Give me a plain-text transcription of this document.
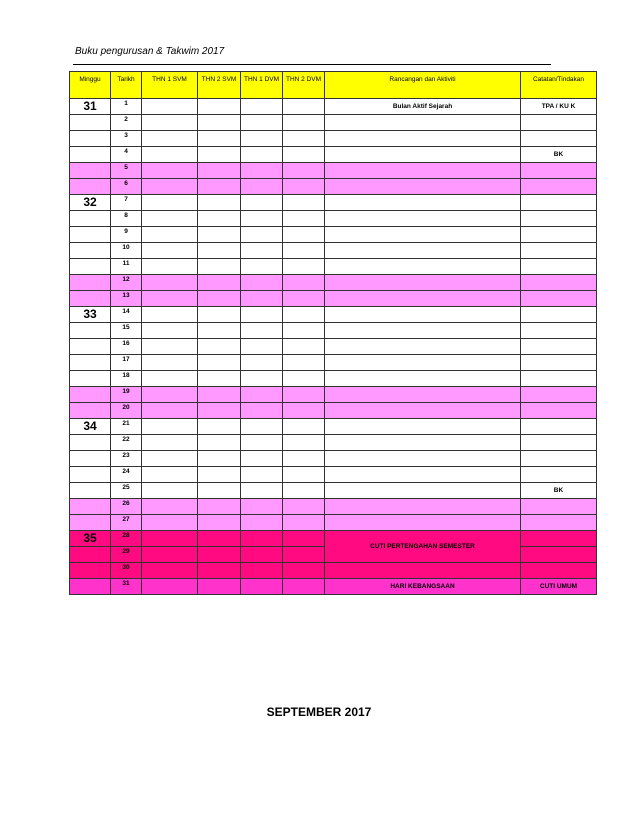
Buku pengurusan & Takwim 2017
Minggu	Tarikh	THN 1 SVM	THN 2 SVM	THN 1 DVM	THN 2 DVM	Rancangan dan Aktiviti	Catatan/Tindakan
31	1					Bulan Aktif Sejarah	TPA / KU K
	2						
	3						
	4						BK
	5						
	6						
32	7						
	8						
	9						
	10						
	11						
	12						
	13						
33	14						
	15						
	16						
	17						
	18						
	19						
	20						
34	21						
	22						
	23						
	24						
	25						BK
	26						
	27						
35	28					CUTI PERTENGAHAN SEMESTER	
	29						
	30						
	31					HARI KEBANGSAAN	CUTI UMUM
SEPTEMBER 2017
